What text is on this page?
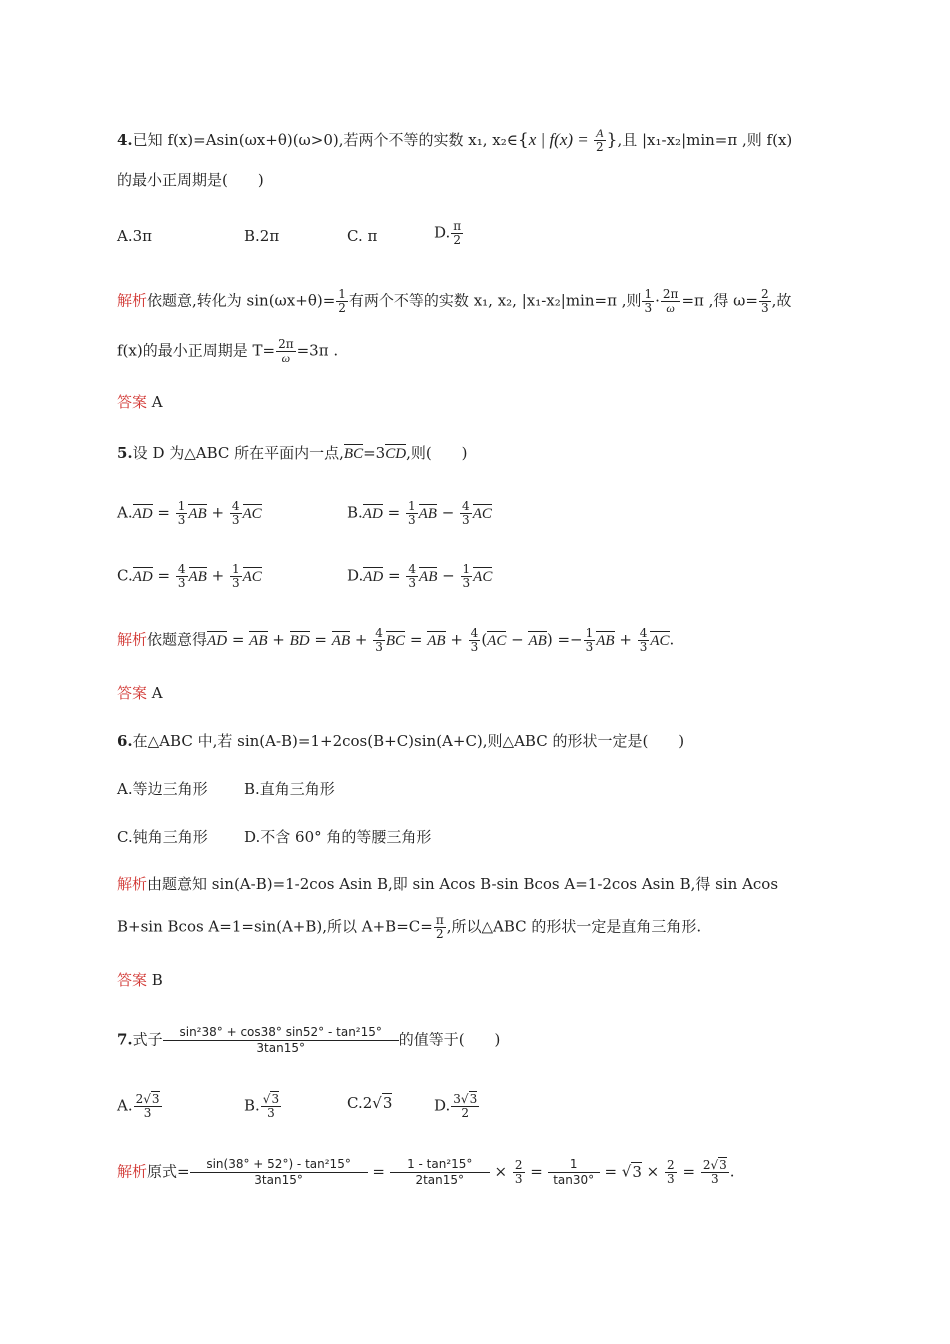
4.已知 f(x)=Asin(ωx+θ)(ω>0),若两个不等的实数 x₁, x₂∈{x | $f(x) = \frac{A}{2}$ },且 |x₁-x₂|min=π ,则 f(x)
的最小正周期是(　　)
A.3π	B.2π	C. π	D. $\frac{\pi}{2}$
解析依题意,转化为 $\sin(\omega x+\theta)= \frac{1}{2}$ 有两个不等的实数 x₁, x₂, |x₁-x₂|min=π ,则 $\frac{1}{3} \cdot \frac{2\pi}{\omega} =\pi$ ,得 $\omega= \frac{2}{3}$ ,故
f(x)的最小正周期是 $T= \frac{2\pi}{\omega} =3\pi$ .
答案 A
5.设 D 为△ABC 所在平面内一点,BC=3CD,则(　　)
$A.AD = \frac{1}{3}$ AB + $\frac{4}{3}$ AC	$B.AD = \frac{1}{3}$ AB − $\frac{4}{3}$ AC
$C.AD = \frac{4}{3}$ AB + $\frac{1}{3}$ AC	$D.AD = \frac{4}{3}$ AB − $\frac{1}{3}$ AC
解析依题意得AD = AB + BD = AB + $\frac{4}{3}$ BC = AB + $\frac{4}{3} (AC - AB) =- \frac{1}{3}$ AB + $\frac{4}{3}$ AC.
答案 A
6.在△ABC 中,若 sin(A-B)=1+2cos(B+C)sin(A+C),则△ABC 的形状一定是(　　)
A.等边三角形 B.直角三角形
C.钝角三角形 D.不含 60° 角的等腰三角形
解析由题意知 sin(A-B)=1-2cos Asin B,即 sin Acos B-sin Bcos A=1-2cos Asin B,得 sin Acos
B+sin Bcos A=1=sin(A+B),所以 $A+B=C= \frac{\pi}{2}$ ,所以△ABC 的形状一定是直角三角形.
答案 B
7.式子 $\frac{\text{sin²38° + cos38° sin52° - tan²15°}}{3\tan 15^\circ}$ 的值等于(　　)
A. $\frac{2√3}{3}$	B. $\frac{√3}{3}$	C.2√3	D. $\frac{3√3}{2}$
解析原式= $\frac{\text{sin(38° + 52°) - tan²15°}}{3\tan 15^\circ} = \frac{\text{1 - tan²15°}}{2\tan 15^\circ} \times \frac{2}{3} = \frac{1}{\tan 30^\circ} = √3 \times \frac{2}{3} = \frac{2√3}{3}$ .
